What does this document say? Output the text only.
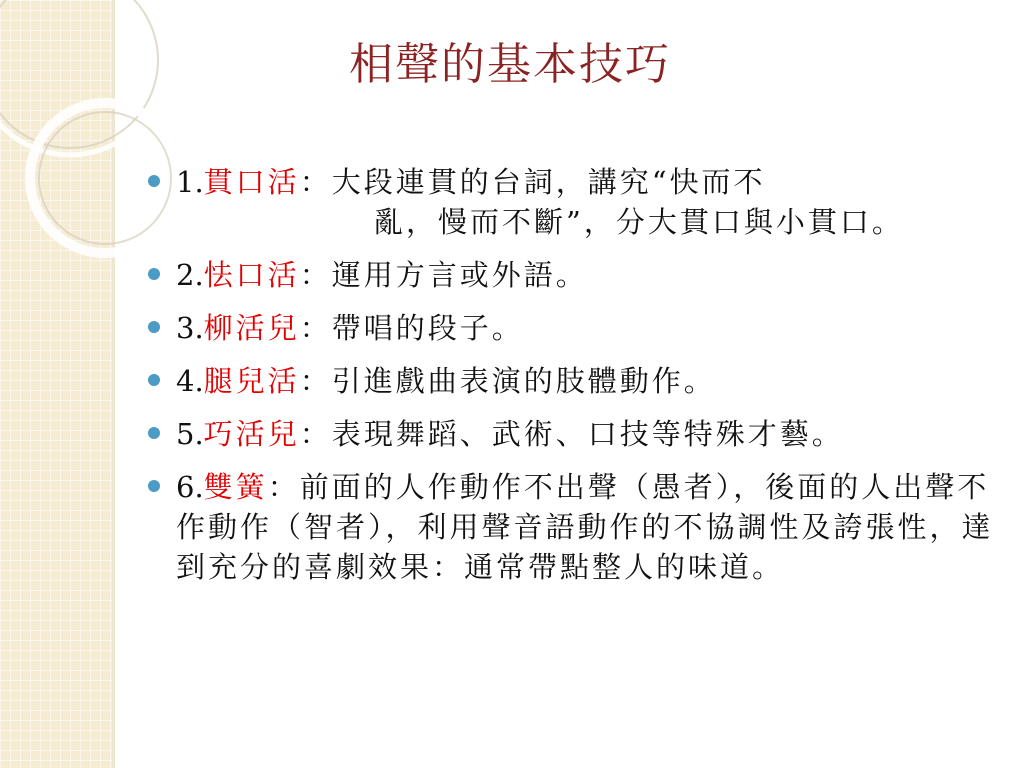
相聲的基本技巧
1.貫口活：大段連貫的台詞，講究“快而不
亂，慢而不斷”，分大貫口與小貫口。
2.怯口活：運用方言或外語。
3.柳活兒：帶唱的段子。
4.腿兒活：引進戲曲表演的肢體動作。
5.巧活兒：表現舞蹈、武術、口技等特殊才藝。
6.雙簧：前面的人作動作不出聲（愚者），後面的人出聲不作動作（智者），利用聲音語動作的不協調性及誇張性，達到充分的喜劇效果：通常帶點整人的味道。
